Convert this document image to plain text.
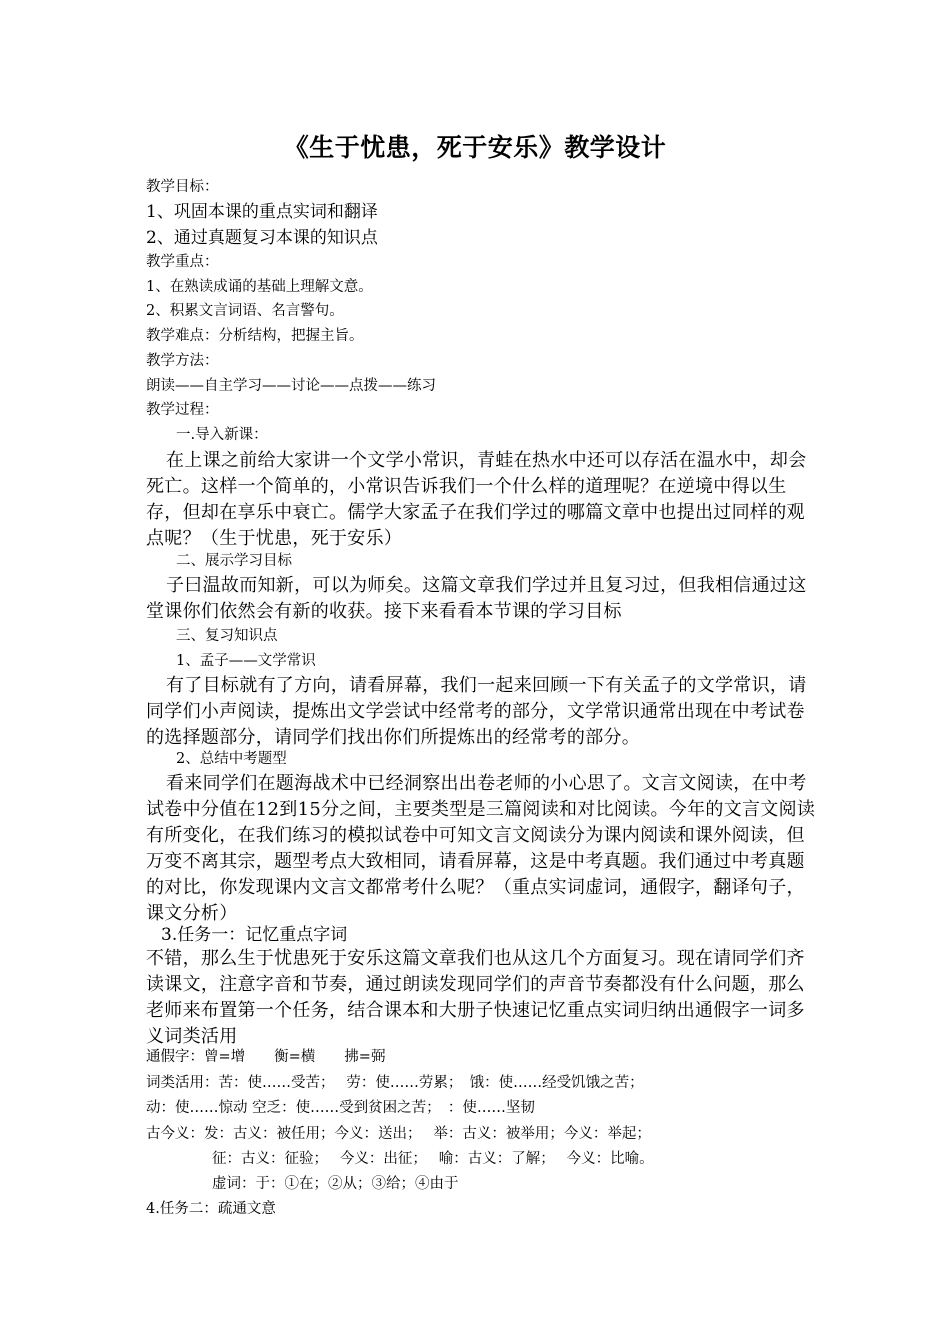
《生于忧患，死于安乐》教学设计
教学目标：
1、巩固本课的重点实词和翻译
2、通过真题复习本课的知识点
教学重点：
1、在熟读成诵的基础上理解文意。
2、积累文言词语、名言警句。
教学难点：分析结构，把握主旨。
教学方法：
朗读——自主学习——讨论——点拨——练习
教学过程：
一.导入新课：
在上课之前给大家讲一个文学小常识，青蛙在热水中还可以存活在温水中，却会死亡。这样一个简单的，小常识告诉我们一个什么样的道理呢？在逆境中得以生存，但却在享乐中衰亡。儒学大家孟子在我们学过的哪篇文章中也提出过同样的观点呢？（生于忧患，死于安乐）
二、展示学习目标
子曰温故而知新，可以为师矣。这篇文章我们学过并且复习过，但我相信通过这堂课你们依然会有新的收获。接下来看看本节课的学习目标
三、复习知识点
1、孟子——文学常识
有了目标就有了方向，请看屏幕，我们一起来回顾一下有关孟子的文学常识，请同学们小声阅读，提炼出文学尝试中经常考的部分，文学常识通常出现在中考试卷的选择题部分，请同学们找出你们所提炼出的经常考的部分。
2、总结中考题型
看来同学们在题海战术中已经洞察出出卷老师的小心思了。文言文阅读，在中考试卷中分值在12到15分之间，主要类型是三篇阅读和对比阅读。今年的文言文阅读有所变化，在我们练习的模拟试卷中可知文言文阅读分为课内阅读和课外阅读，但万变不离其宗，题型考点大致相同，请看屏幕，这是中考真题。我们通过中考真题的对比，你发现课内文言文都常考什么呢？（重点实词虚词，通假字，翻译句子，课文分析）
3.任务一：记忆重点字词
不错，那么生于忧患死于安乐这篇文章我们也从这几个方面复习。现在请同学们齐读课文，注意字音和节奏，通过朗读发现同学们的声音节奏都没有什么问题，那么老师来布置第一个任务，结合课本和大册子快速记忆重点实词归纳出通假字一词多义词类活用
通假字：曾=增　　衡=横　　拂=弼
词类活用：苦：使……受苦；　 劳：使……劳累；　饿：使……经受饥饿之苦；
动：使……惊动 空乏：使……受到贫困之苦；　：使……坚韧
古今义：发：古义：被任用；今义：送出；　 举：古义：被举用；今义：举起；
征：古义：征验；　 今义：出征；　 喻：古义：了解；　 今义：比喻。
虚词：于：①在；②从；③给；④由于
4.任务二：疏通文意
